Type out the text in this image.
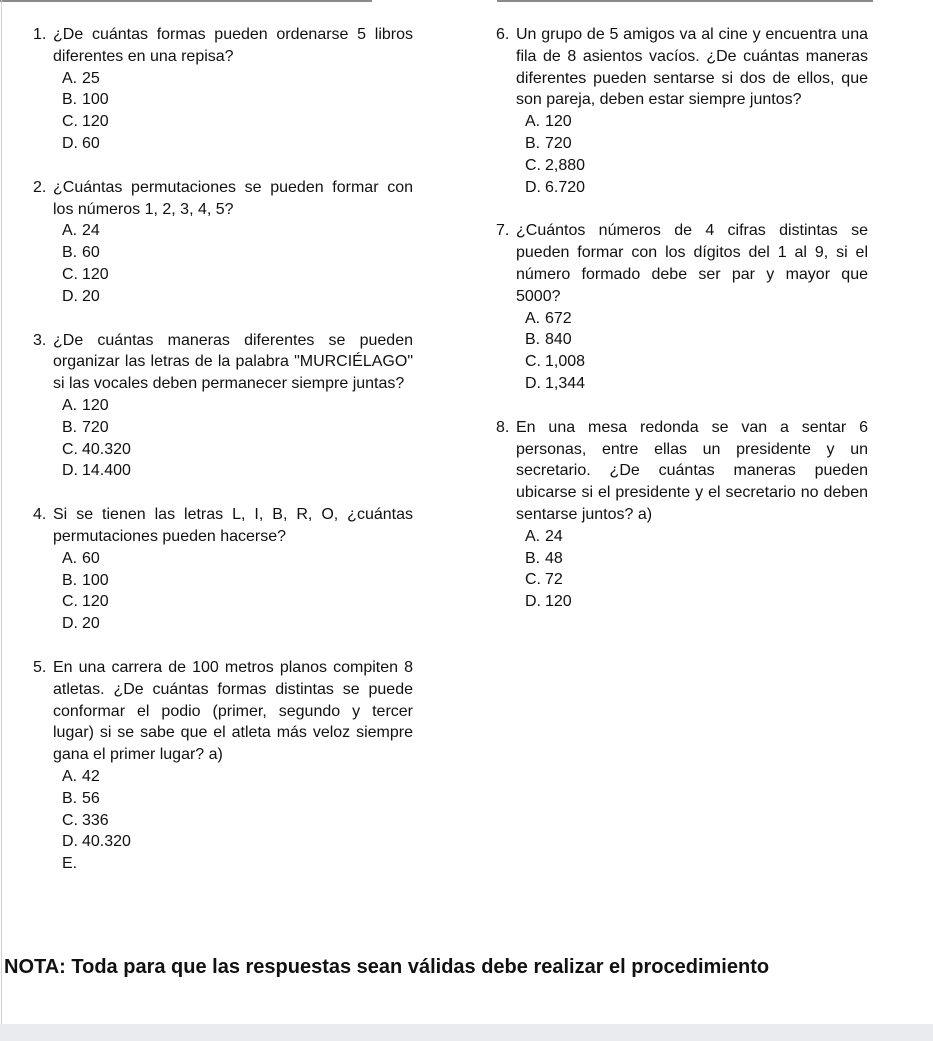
1. ¿De cuántas formas pueden ordenarse 5 libros diferentes en una repisa?
A. 25
B. 100
C. 120
D. 60
2. ¿Cuántas permutaciones se pueden formar con los números 1, 2, 3, 4, 5?
A. 24
B. 60
C. 120
D. 20
3. ¿De cuántas maneras diferentes se pueden organizar las letras de la palabra "MURCIÉLAGO" si las vocales deben permanecer siempre juntas?
A. 120
B. 720
C. 40.320
D. 14.400
4. Si se tienen las letras L, I, B, R, O, ¿cuántas permutaciones pueden hacerse?
A. 60
B. 100
C. 120
D. 20
5. En una carrera de 100 metros planos compiten 8 atletas. ¿De cuántas formas distintas se puede conformar el podio (primer, segundo y tercer lugar) si se sabe que el atleta más veloz siempre gana el primer lugar? a)
A. 42
B. 56
C. 336
D. 40.320
E.
6. Un grupo de 5 amigos va al cine y encuentra una fila de 8 asientos vacíos. ¿De cuántas maneras diferentes pueden sentarse si dos de ellos, que son pareja, deben estar siempre juntos?
A. 120
B. 720
C. 2,880
D. 6.720
7. ¿Cuántos números de 4 cifras distintas se pueden formar con los dígitos del 1 al 9, si el número formado debe ser par y mayor que 5000?
A. 672
B. 840
C. 1,008
D. 1,344
8. En una mesa redonda se van a sentar 6 personas, entre ellas un presidente y un secretario. ¿De cuántas maneras pueden ubicarse si el presidente y el secretario no deben sentarse juntos? a)
A. 24
B. 48
C. 72
D. 120
NOTA: Toda para que las respuestas sean válidas debe realizar el procedimiento
